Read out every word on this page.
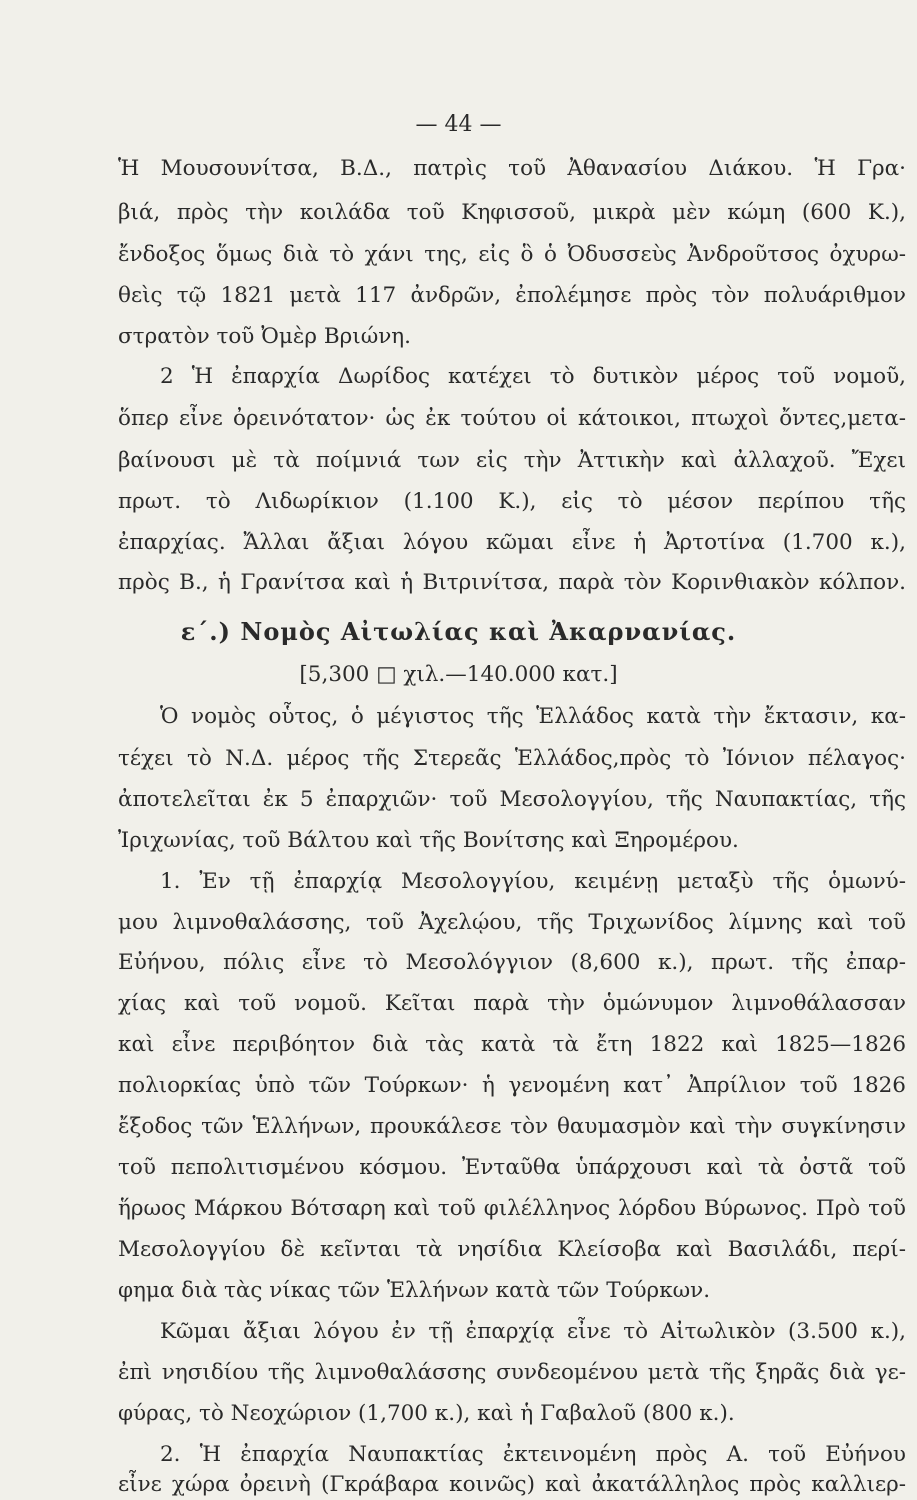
— 44 —
Ἡ Μουσουνίτσα, Β.Δ., πατρὶς τοῦ Ἀθανασίου Διάκου. Ἡ Γρα·
βιά, πρὸς τὴν κοιλάδα τοῦ Κηφισσοῦ, μικρὰ μὲν κώμη (600 Κ.),
ἔνδοξος ὅμως διὰ τὸ χάνι της, εἰς ὃ ὁ Ὀδυσσεὺς Ἀνδροῦτσος ὀχυρω-
θεὶς τῷ 1821 μετὰ 117 ἀνδρῶν, ἐπολέμησε πρὸς τὸν πολυάριθμον
στρατὸν τοῦ Ὀμὲρ Βριώνη.
2 Ἡ ἐπαρχία Δωρίδος κατέχει τὸ δυτικὸν μέρος τοῦ νομοῦ,
ὅπερ εἶνε ὀρεινότατον· ὡς ἐκ τούτου οἱ κάτοικοι, πτωχοὶ ὄντες,μετα-
βαίνουσι μὲ τὰ ποίμνιά των εἰς τὴν Ἀττικὴν καὶ ἀλλαχοῦ. Ἔχει
πρωτ. τὸ Λιδωρίκιον (1.100 Κ.), εἰς τὸ μέσον περίπου τῆς
ἐπαρχίας. Ἄλλαι ἄξιαι λόγου κῶμαι εἶνε ἡ Ἀρτοτίνα (1.700 κ.),
πρὸς Β., ἡ Γρανίτσα καὶ ἡ Βιτρινίτσα, παρὰ τὸν Κορινθιακὸν κόλπον.
ε΄.) Νομὸς Αἰτωλίας καὶ Ἀκαρνανίας.
[5,300 □ χιλ.—140.000 κατ.]
Ὁ νομὸς οὗτος, ὁ μέγιστος τῆς Ἑλλάδος κατὰ τὴν ἔκτασιν, κα-
τέχει τὸ Ν.Δ. μέρος τῆς Στερεᾶς Ἑλλάδος,πρὸς τὸ Ἰόνιον πέλαγος·
ἀποτελεῖται ἐκ 5 ἐπαρχιῶν· τοῦ Μεσολογγίου, τῆς Ναυπακτίας, τῆς
Ἰριχωνίας, τοῦ Βάλτου καὶ τῆς Βονίτσης καὶ Ξηρομέρου.
1. Ἐν τῇ ἐπαρχίᾳ Μεσολογγίου, κειμένῃ μεταξὺ τῆς ὁμωνύ-
μου λιμνοθαλάσσης, τοῦ Ἀχελῴου, τῆς Τριχωνίδος λίμνης καὶ τοῦ
Εὐήνου, πόλις εἶνε τὸ Μεσολόγγιον (8,600 κ.), πρωτ. τῆς ἐπαρ-
χίας καὶ τοῦ νομοῦ. Κεῖται παρὰ τὴν ὁμώνυμον λιμνοθάλασσαν
καὶ εἶνε περιβόητον διὰ τὰς κατὰ τὰ ἔτη 1822 καὶ 1825—1826
πολιορκίας ὑπὸ τῶν Τούρκων· ἡ γενομένη κατ᾽ Ἀπρίλιον τοῦ 1826
ἔξοδος τῶν Ἑλλήνων, προυκάλεσε τὸν θαυμασμὸν καὶ τὴν συγκίνησιν
τοῦ πεπολιτισμένου κόσμου. Ἐνταῦθα ὑπάρχουσι καὶ τὰ ὀστᾶ τοῦ
ἥρωος Μάρκου Βότσαρη καὶ τοῦ φιλέλληνος λόρδου Βύρωνος. Πρὸ τοῦ
Μεσολογγίου δὲ κεῖνται τὰ νησίδια Κλείσοβα καὶ Βασιλάδι, περί-
φημα διὰ τὰς νίκας τῶν Ἑλλήνων κατὰ τῶν Τούρκων.
Κῶμαι ἄξιαι λόγου ἐν τῇ ἐπαρχίᾳ εἶνε τὸ Αἰτωλικὸν (3.500 κ.),
ἐπὶ νησιδίου τῆς λιμνοθαλάσσης συνδεομένου μετὰ τῆς ξηρᾶς διὰ γε-
φύρας, τὸ Νεοχώριον (1,700 κ.), καὶ ἡ Γαβαλοῦ (800 κ.).
2. Ἡ ἐπαρχία Ναυπακτίας ἐκτεινομένη πρὸς Α. τοῦ Εὐήνου
εἶνε χώρα ὀρεινὴ (Γκράβαρα κοινῶς) καὶ ἀκατάλληλος πρὸς καλλιερ-
